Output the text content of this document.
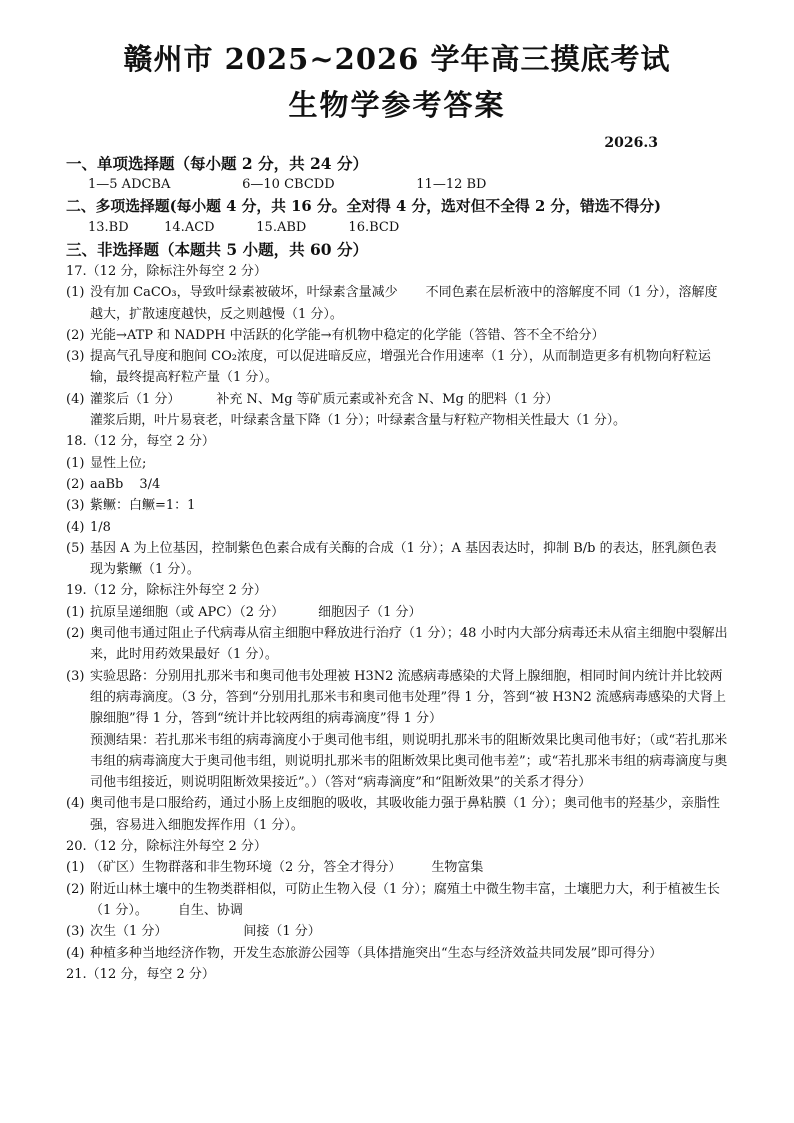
赣州市 2025~2026 学年高三摸底考试
生物学参考答案
2026.3
一、单项选择题（每小题 2 分，共 24 分）
1—5 ADCBA	6—10 CBCDD	11—12 BD
二、多项选择题(每小题 4 分，共 16 分。全对得 4 分，选对但不全得 2 分，错选不得分)
13.BD	14.ACD	15.ABD	16.BCD
三、非选择题（本题共 5 小题，共 60 分）
17.（12 分，除标注外每空 2 分）
(1) 没有加 CaCO₃，导致叶绿素被破坏，叶绿素含量减少 不同色素在层析液中的溶解度不同（1 分），溶解度越大，扩散速度越快，反之则越慢（1 分）。
(2) 光能→ATP 和 NADPH 中活跃的化学能→有机物中稳定的化学能（答错、答不全不给分）
(3) 提高气孔导度和胞间 CO₂浓度，可以促进暗反应，增强光合作用速率（1 分），从而制造更多有机物向籽粒运输，最终提高籽粒产量（1 分）。
(4) 灌浆后（1 分）	补充 N、Mg 等矿质元素或补充含 N、Mg 的肥料（1 分）
灌浆后期，叶片易衰老，叶绿素含量下降（1 分）；叶绿素含量与籽粒产物相关性最大（1 分）。
18.（12 分，每空 2 分）
(1) 显性上位;
(2) aaBb 3/4
(3) 紫鳜：白鳜=1：1
(4) 1/8
(5) 基因 A 为上位基因，控制紫色色素合成有关酶的合成（1 分）；A 基因表达时，抑制 B/b 的表达，胚乳颜色表现为紫鳜（1 分）。
19.（12 分，除标注外每空 2 分）
(1) 抗原呈递细胞（或 APC）（2 分）	细胞因子（1 分）
(2) 奥司他韦通过阻止子代病毒从宿主细胞中释放进行治疗（1 分）；48 小时内大部分病毒还未从宿主细胞中裂解出来，此时用药效果最好（1 分）。
(3) 实验思路：分别用扎那米韦和奥司他韦处理被 H3N2 流感病毒感染的犬肾上腺细胞，相同时间内统计并比较两组的病毒滴度。（3 分，答到“分别用扎那米韦和奥司他韦处理”得 1 分，答到“被 H3N2 流感病毒感染的犬肾上腺细胞”得 1 分，答到“统计并比较两组的病毒滴度”得 1 分）
预测结果：若扎那米韦组的病毒滴度小于奥司他韦组，则说明扎那米韦的阻断效果比奥司他韦好；（或“若扎那米韦组的病毒滴度大于奥司他韦组，则说明扎那米韦的阻断效果比奥司他韦差”；或“若扎那米韦组的病毒滴度与奥司他韦组接近，则说明阻断效果接近”。）（答对“病毒滴度”和“阻断效果”的关系才得分）
(4) 奥司他韦是口服给药，通过小肠上皮细胞的吸收，其吸收能力强于鼻粘膜（1 分）；奥司他韦的羟基少，亲脂性强，容易进入细胞发挥作用（1 分）。
20.（12 分，除标注外每空 2 分）
(1) （矿区）生物群落和非生物环境（2 分，答全才得分） 生物富集
(2) 附近山林土壤中的生物类群相似，可防止生物入侵（1 分）；腐殖土中微生物丰富，土壤肥力大，利于植被生长（1 分）。 自生、协调
(3) 次生（1 分）	间接（1 分）
(4) 种植多种当地经济作物，开发生态旅游公园等（具体措施突出“生态与经济效益共同发展”即可得分）
21.（12 分，每空 2 分）
